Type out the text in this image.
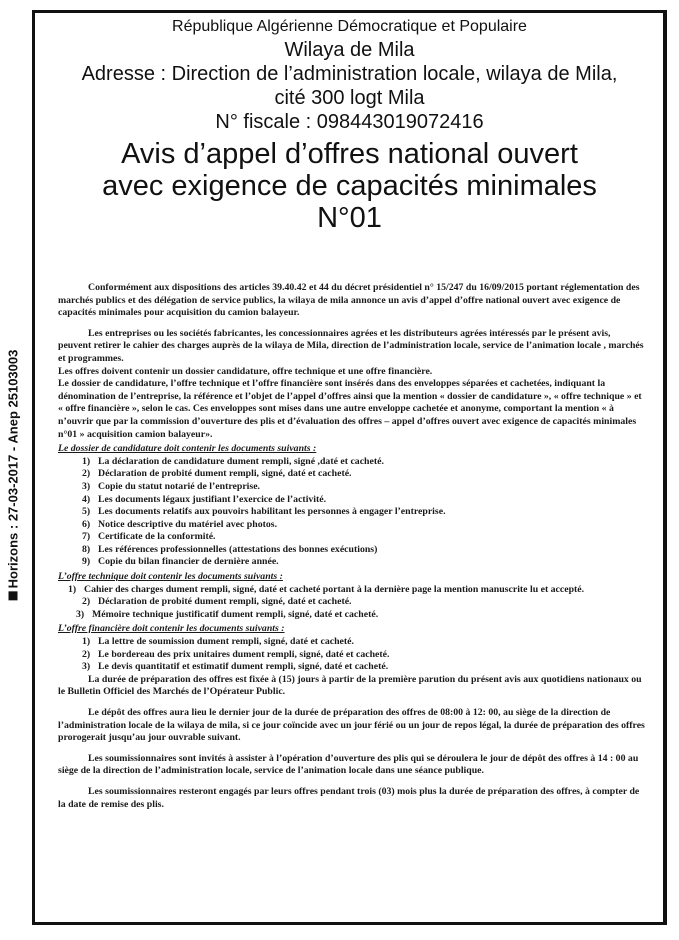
Horizons : 27-03-2017 - Anep 25103003
République Algérienne Démocratique et Populaire
Wilaya de Mila
Adresse : Direction de l’administration locale, wilaya de Mila,
cité 300 logt Mila
N° fiscale : 098443019072416
Avis d’appel d’offres national ouvert
avec exigence de capacités minimales
N°01

Conformément aux dispositions des articles 39.40.42 et 44 du décret présidentiel n° 15/247 du 16/09/2015 portant réglementation des marchés publics et des délégation de service publics, la wilaya de mila annonce un avis d’appel d’offre national ouvert avec exigence de capacités minimales pour acquisition du camion balayeur.

Les entreprises ou les sociétés fabricantes, les concessionnaires agrées et les distributeurs agrées intéressés par le présent avis, peuvent retirer le cahier des charges auprès de la wilaya de Mila, direction de l’administration locale, service de l’animation locale , marchés et programmes.

Les offres doivent contenir un dossier candidature, offre technique et une offre financière.

Le dossier de candidature, l’offre technique et l’offre financière sont insérés dans des enveloppes séparées et cachetées, indiquant la dénomination de l’entreprise, la référence et l’objet de l’appel d’offres ainsi que la mention « dossier de candidature », « offre technique » et « offre financière », selon le cas. Ces enveloppes sont mises dans une autre enveloppe cachetée et anonyme, comportant la mention « à n’ouvrir que par la commission d’ouverture des plis et d’évaluation des offres – appel d’offres ouvert avec exigence de capacités minimales n°01 » acquisition camion balayeur».

Le dossier de candidature doit contenir les documents suivants :

1) La déclaration de candidature dument rempli, signé ,daté et cacheté.
2) Déclaration de probité dument rempli, signé, daté et cacheté.
3) Copie du statut notarié de l’entreprise.
4) Les documents légaux justifiant l’exercice de l’activité.
5) Les documents relatifs aux pouvoirs habilitant les personnes à engager l’entreprise.
6) Notice descriptive du matériel avec photos.
7) Certificate de la conformité.
8) Les références professionnelles (attestations des bonnes exécutions)
9) Copie du bilan financier de dernière année.

L’offre technique doit contenir les documents suivants :

1) Cahier des charges dument rempli, signé, daté et cacheté portant à la dernière page la mention manuscrite lu et accepté.
2) Déclaration de probité dument rempli, signé, daté et cacheté.
3) Mémoire technique justificatif dument rempli, signé, daté et cacheté.

L’offre financière doit contenir les documents suivants :

1) La lettre de soumission dument rempli, signé, daté et cacheté.
2) Le bordereau des prix unitaires dument rempli, signé, daté et cacheté.
3) Le devis quantitatif et estimatif dument rempli, signé, daté et cacheté.

La durée de préparation des offres est fixée à (15) jours à partir de la première parution du présent avis aux quotidiens nationaux ou le Bulletin Officiel des Marchés de l’Opérateur Public.

Le dépôt des offres aura lieu le dernier jour de la durée de préparation des offres de 08:00 à 12: 00, au siège de la direction de l’administration locale de la wilaya de mila, si ce jour coïncide avec un jour férié ou un jour de repos légal, la durée de préparation des offres prorogerait jusqu’au jour ouvrable suivant.

Les soumissionnaires sont invités à assister à l’opération d’ouverture des plis qui se déroulera le jour de dépôt des offres à 14 : 00 au siège de la direction de l’administration locale, service de l’animation locale dans une séance publique.

Les soumissionnaires resteront engagés par leurs offres pendant trois (03) mois plus la durée de préparation des offres, à compter de la date de remise des plis.
